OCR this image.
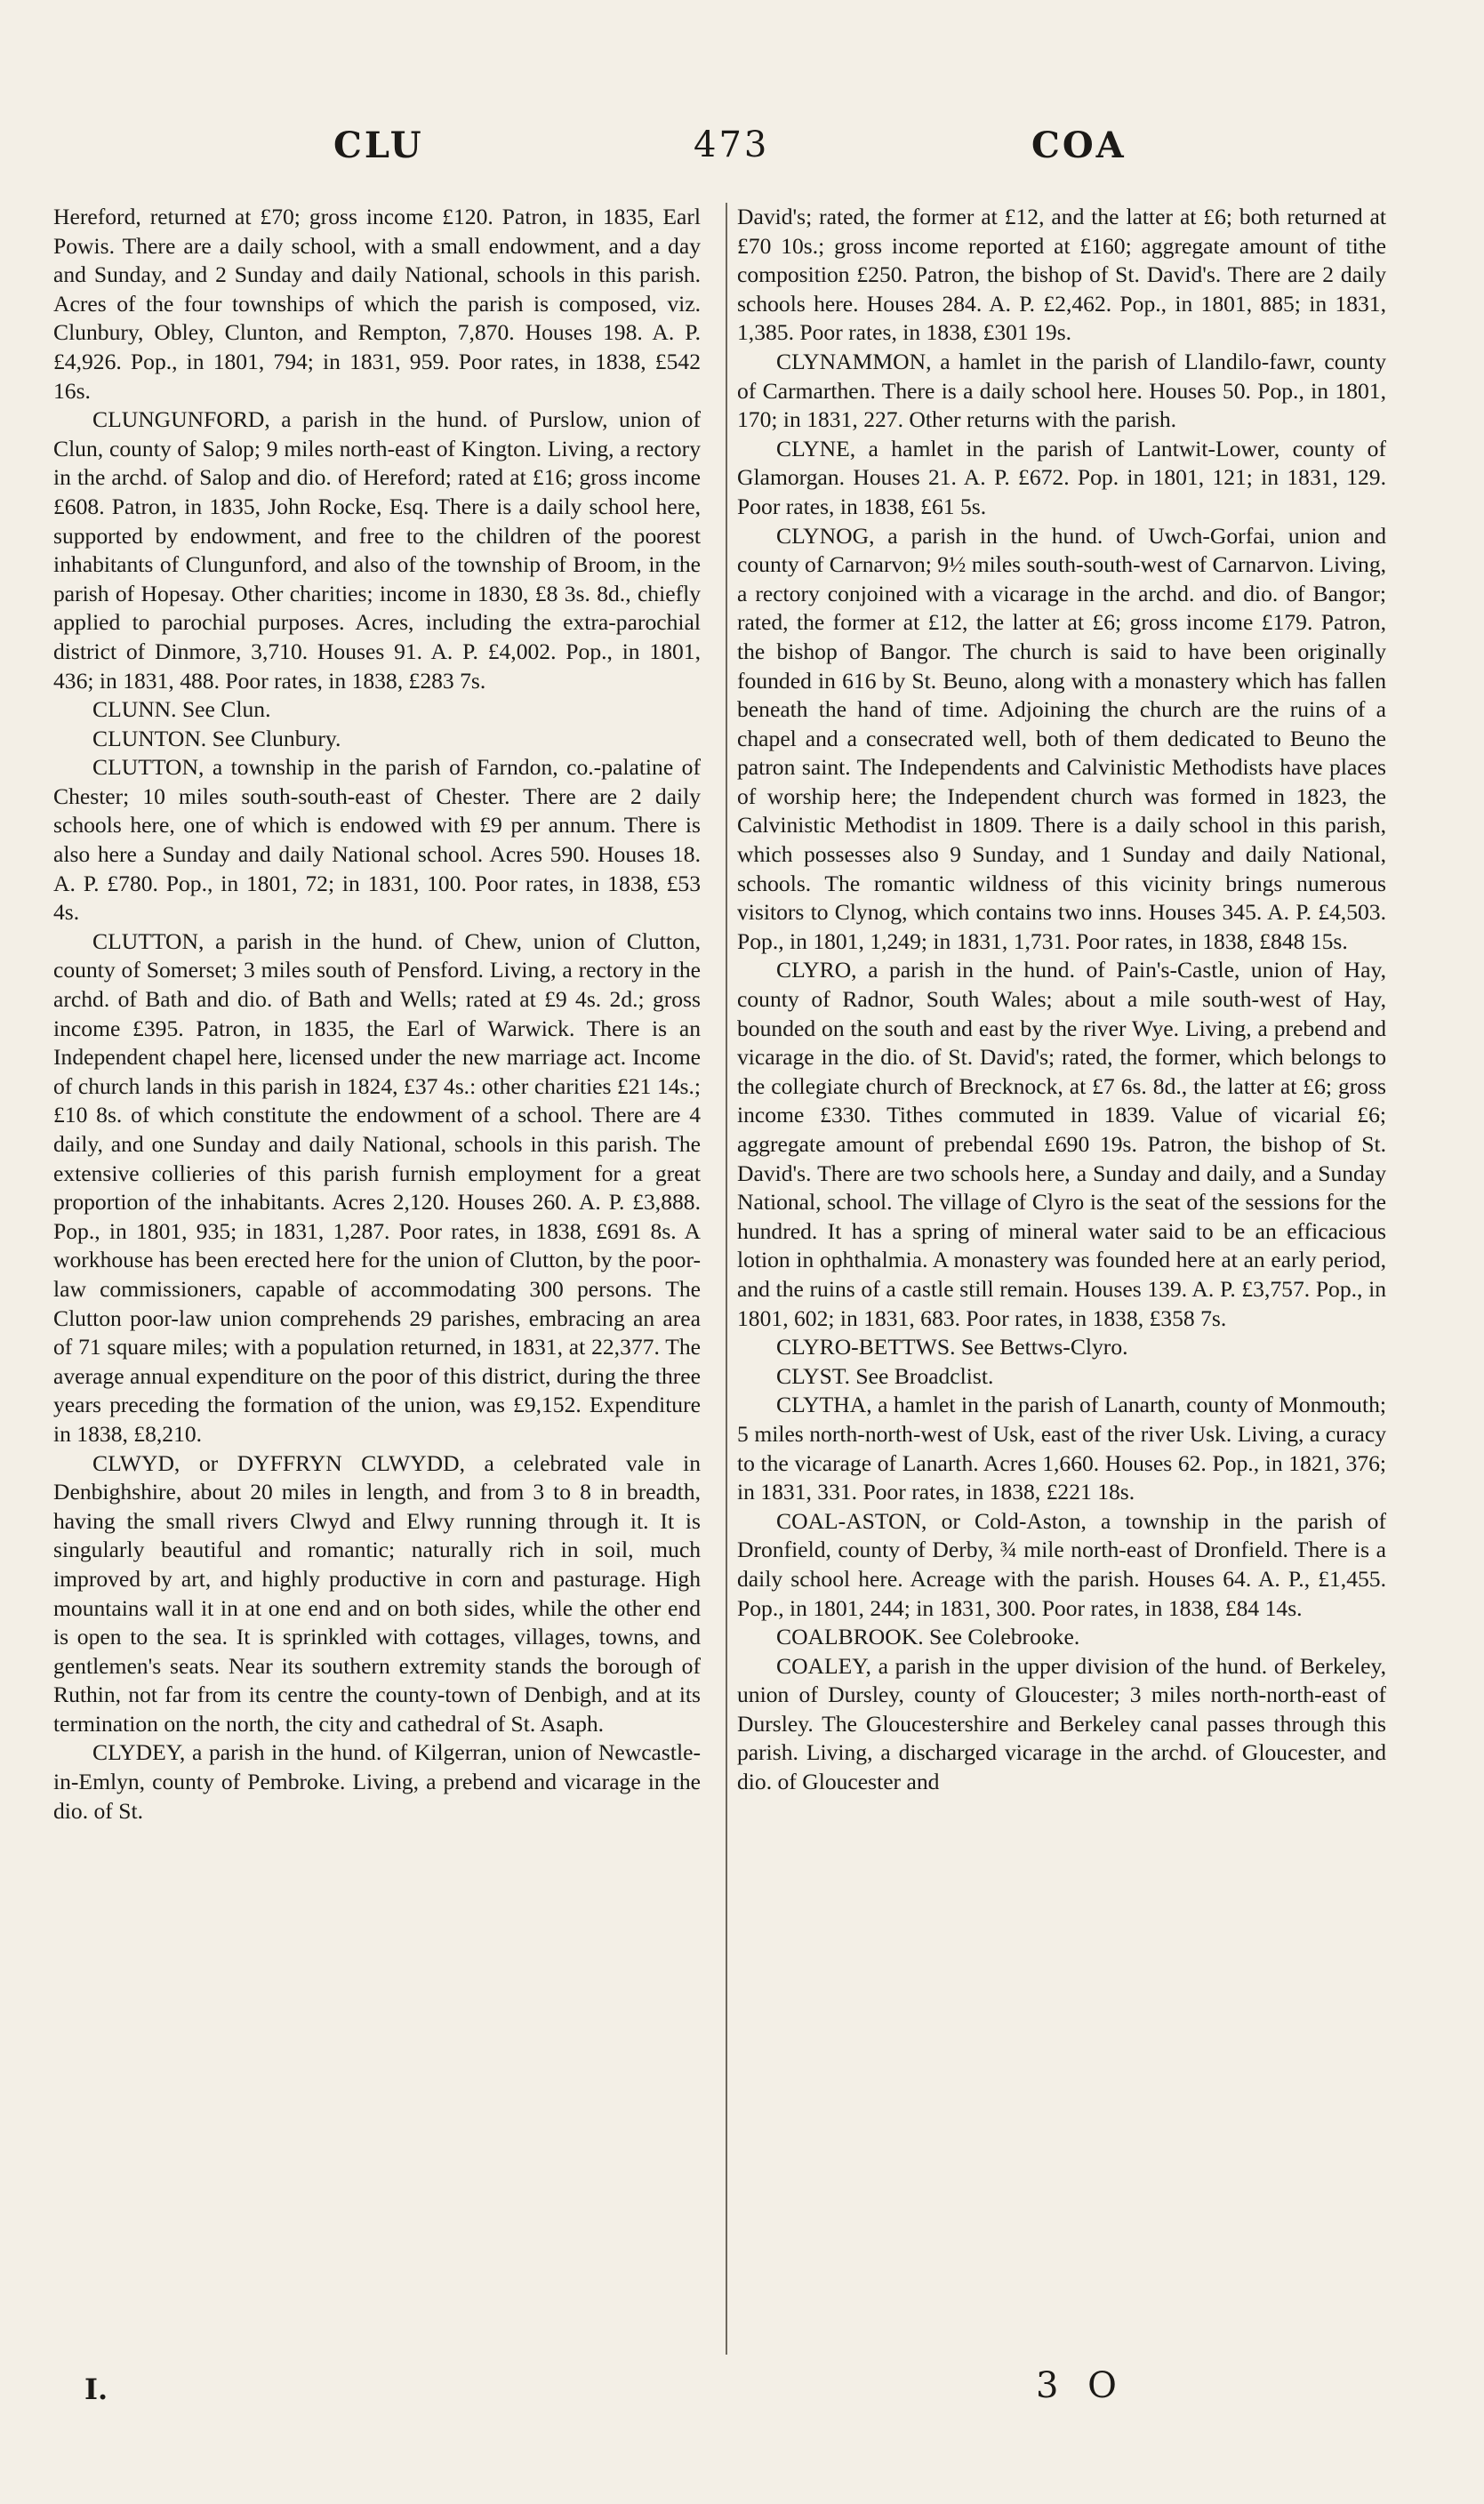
CLU	473	COA

Hereford, returned at £70; gross income £120. Patron, in 1835, Earl Powis. There are a daily school, with a small endowment, and a day and Sunday, and 2 Sunday and daily National, schools in this parish. Acres of the four townships of which the parish is composed, viz. Clunbury, Obley, Clunton, and Rempton, 7,870. Houses 198. A. P. £4,926. Pop., in 1801, 794; in 1831, 959. Poor rates, in 1838, £542 16s.

CLUNGUNFORD, a parish in the hund. of Purslow, union of Clun, county of Salop; 9 miles north-east of Kington. Living, a rectory in the archd. of Salop and dio. of Hereford; rated at £16; gross income £608. Patron, in 1835, John Rocke, Esq. There is a daily school here, supported by endowment, and free to the children of the poorest inhabitants of Clungunford, and also of the township of Broom, in the parish of Hopesay. Other charities; income in 1830, £8 3s. 8d., chiefly applied to parochial purposes. Acres, including the extra-parochial district of Dinmore, 3,710. Houses 91. A. P. £4,002. Pop., in 1801, 436; in 1831, 488. Poor rates, in 1838, £283 7s.

CLUNN. See Clun.

CLUNTON. See Clunbury.

CLUTTON, a township in the parish of Farndon, co.-palatine of Chester; 10 miles south-south-east of Chester. There are 2 daily schools here, one of which is endowed with £9 per annum. There is also here a Sunday and daily National school. Acres 590. Houses 18. A. P. £780. Pop., in 1801, 72; in 1831, 100. Poor rates, in 1838, £53 4s.

CLUTTON, a parish in the hund. of Chew, union of Clutton, county of Somerset; 3 miles south of Pensford. Living, a rectory in the archd. of Bath and dio. of Bath and Wells; rated at £9 4s. 2d.; gross income £395. Patron, in 1835, the Earl of Warwick. There is an Independent chapel here, licensed under the new marriage act. Income of church lands in this parish in 1824, £37 4s.: other charities £21 14s.; £10 8s. of which constitute the endowment of a school. There are 4 daily, and one Sunday and daily National, schools in this parish. The extensive collieries of this parish furnish employment for a great proportion of the inhabitants. Acres 2,120. Houses 260. A. P. £3,888. Pop., in 1801, 935; in 1831, 1,287. Poor rates, in 1838, £691 8s. A workhouse has been erected here for the union of Clutton, by the poor-law commissioners, capable of accommodating 300 persons. The Clutton poor-law union comprehends 29 parishes, embracing an area of 71 square miles; with a population returned, in 1831, at 22,377. The average annual expenditure on the poor of this district, during the three years preceding the formation of the union, was £9,152. Expenditure in 1838, £8,210.

CLWYD, or DYFFRYN CLWYDD, a celebrated vale in Denbighshire, about 20 miles in length, and from 3 to 8 in breadth, having the small rivers Clwyd and Elwy running through it. It is singularly beautiful and romantic; naturally rich in soil, much improved by art, and highly productive in corn and pasturage. High mountains wall it in at one end and on both sides, while the other end is open to the sea. It is sprinkled with cottages, villages, towns, and gentlemen's seats. Near its southern extremity stands the borough of Ruthin, not far from its centre the county-town of Denbigh, and at its termination on the north, the city and cathedral of St. Asaph.

CLYDEY, a parish in the hund. of Kilgerran, union of Newcastle-in-Emlyn, county of Pembroke. Living, a prebend and vicarage in the dio. of St.

David's; rated, the former at £12, and the latter at £6; both returned at £70 10s.; gross income reported at £160; aggregate amount of tithe composition £250. Patron, the bishop of St. David's. There are 2 daily schools here. Houses 284. A. P. £2,462. Pop., in 1801, 885; in 1831, 1,385. Poor rates, in 1838, £301 19s.

CLYNAMMON, a hamlet in the parish of Llandilo-fawr, county of Carmarthen. There is a daily school here. Houses 50. Pop., in 1801, 170; in 1831, 227. Other returns with the parish.

CLYNE, a hamlet in the parish of Lantwit-Lower, county of Glamorgan. Houses 21. A. P. £672. Pop. in 1801, 121; in 1831, 129. Poor rates, in 1838, £61 5s.

CLYNOG, a parish in the hund. of Uwch-Gorfai, union and county of Carnarvon; 9½ miles south-south-west of Carnarvon. Living, a rectory conjoined with a vicarage in the archd. and dio. of Bangor; rated, the former at £12, the latter at £6; gross income £179. Patron, the bishop of Bangor. The church is said to have been originally founded in 616 by St. Beuno, along with a monastery which has fallen beneath the hand of time. Adjoining the church are the ruins of a chapel and a consecrated well, both of them dedicated to Beuno the patron saint. The Independents and Calvinistic Methodists have places of worship here; the Independent church was formed in 1823, the Calvinistic Methodist in 1809. There is a daily school in this parish, which possesses also 9 Sunday, and 1 Sunday and daily National, schools. The romantic wildness of this vicinity brings numerous visitors to Clynog, which contains two inns. Houses 345. A. P. £4,503. Pop., in 1801, 1,249; in 1831, 1,731. Poor rates, in 1838, £848 15s.

CLYRO, a parish in the hund. of Pain's-Castle, union of Hay, county of Radnor, South Wales; about a mile south-west of Hay, bounded on the south and east by the river Wye. Living, a prebend and vicarage in the dio. of St. David's; rated, the former, which belongs to the collegiate church of Brecknock, at £7 6s. 8d., the latter at £6; gross income £330. Tithes commuted in 1839. Value of vicarial £6; aggregate amount of prebendal £690 19s. Patron, the bishop of St. David's. There are two schools here, a Sunday and daily, and a Sunday National, school. The village of Clyro is the seat of the sessions for the hundred. It has a spring of mineral water said to be an efficacious lotion in ophthalmia. A monastery was founded here at an early period, and the ruins of a castle still remain. Houses 139. A. P. £3,757. Pop., in 1801, 602; in 1831, 683. Poor rates, in 1838, £358 7s.

CLYRO-BETTWS. See Bettws-Clyro.

CLYST. See Broadclist.

CLYTHA, a hamlet in the parish of Lanarth, county of Monmouth; 5 miles north-north-west of Usk, east of the river Usk. Living, a curacy to the vicarage of Lanarth. Acres 1,660. Houses 62. Pop., in 1821, 376; in 1831, 331. Poor rates, in 1838, £221 18s.

COAL-ASTON, or Cold-Aston, a township in the parish of Dronfield, county of Derby, ¾ mile north-east of Dronfield. There is a daily school here. Acreage with the parish. Houses 64. A. P., £1,455. Pop., in 1801, 244; in 1831, 300. Poor rates, in 1838, £84 14s.

COALBROOK. See Colebrooke.

COALEY, a parish in the upper division of the hund. of Berkeley, union of Dursley, county of Gloucester; 3 miles north-north-east of Dursley. The Gloucestershire and Berkeley canal passes through this parish. Living, a discharged vicarage in the archd. of Gloucester, and dio. of Gloucester and

I.	3 O
